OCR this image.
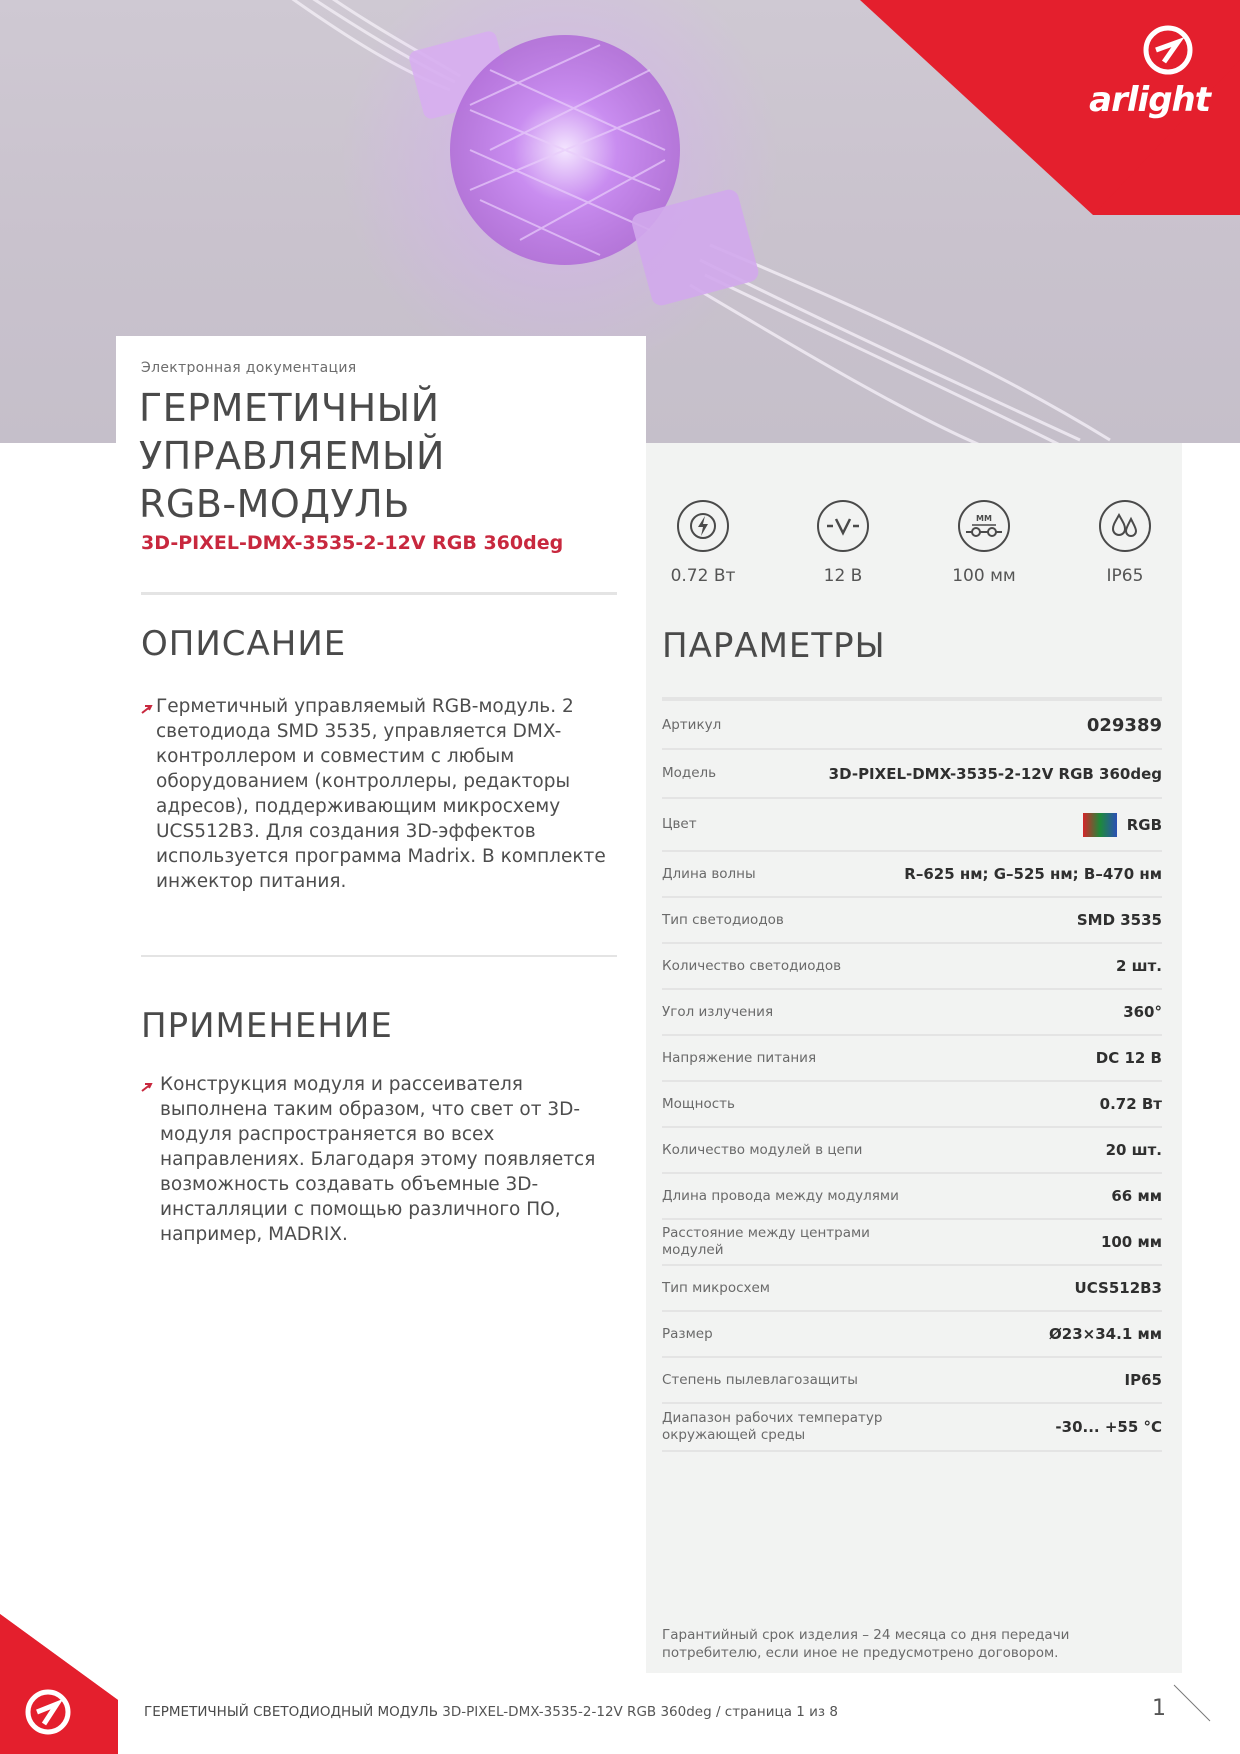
arlight
Электронная документация
ГЕРМЕТИЧНЫЙ
УПРАВЛЯЕМЫЙ
RGB-МОДУЛЬ
3D-PIXEL-DMX-3535-2-12V RGB 360deg
ОПИСАНИЕ

Герметичный управляемый RGB-модуль. 2 светодиода SMD 3535, управляется DMX-контроллером и совместим с любым оборудованием (контроллеры, редакторы адресов), поддерживающим микросхему UCS512B3. Для создания 3D-эффектов используется программа Madrix. В комплекте инжектор питания.

ПРИМЕНЕНИЕ

Конструкция модуля и рассеивателя выполнена таким образом, что свет от 3D-модуля распространяется во всех направлениях. Благодаря этому появляется возможность создавать объемные 3D-инсталляции с помощью различного ПО, например, MADRIX.

0.72 Вт	12 В
MM
100 мм	IP65
ПАРАМЕТРЫ
Артикул	029389
Модель	3D-PIXEL-DMX-3535-2-12V RGB 360deg
Цвет	RGB
Длина волны	R–625 нм; G–525 нм; B–470 нм
Тип светодиодов	SMD 3535
Количество светодиодов	2 шт.
Угол излучения	360°
Напряжение питания	DC 12 В
Мощность	0.72 Вт
Количество модулей в цепи	20 шт.
Длина провода между модулями	66 мм
Расстояние между центрами модулей	100 мм
Тип микросхем	UCS512B3
Размер	Ø23×34.1 мм
Степень пылевлагозащиты	IP65
Диапазон рабочих температур окружающей среды	-30... +55 °C
Гарантийный срок изделия – 24 месяца со дня передачи потребителю, если иное не предусмотрено договором.
ГЕРМЕТИЧНЫЙ СВЕТОДИОДНЫЙ МОДУЛЬ 3D-PIXEL-DMX-3535-2-12V RGB 360deg / страница 1 из 8	1
